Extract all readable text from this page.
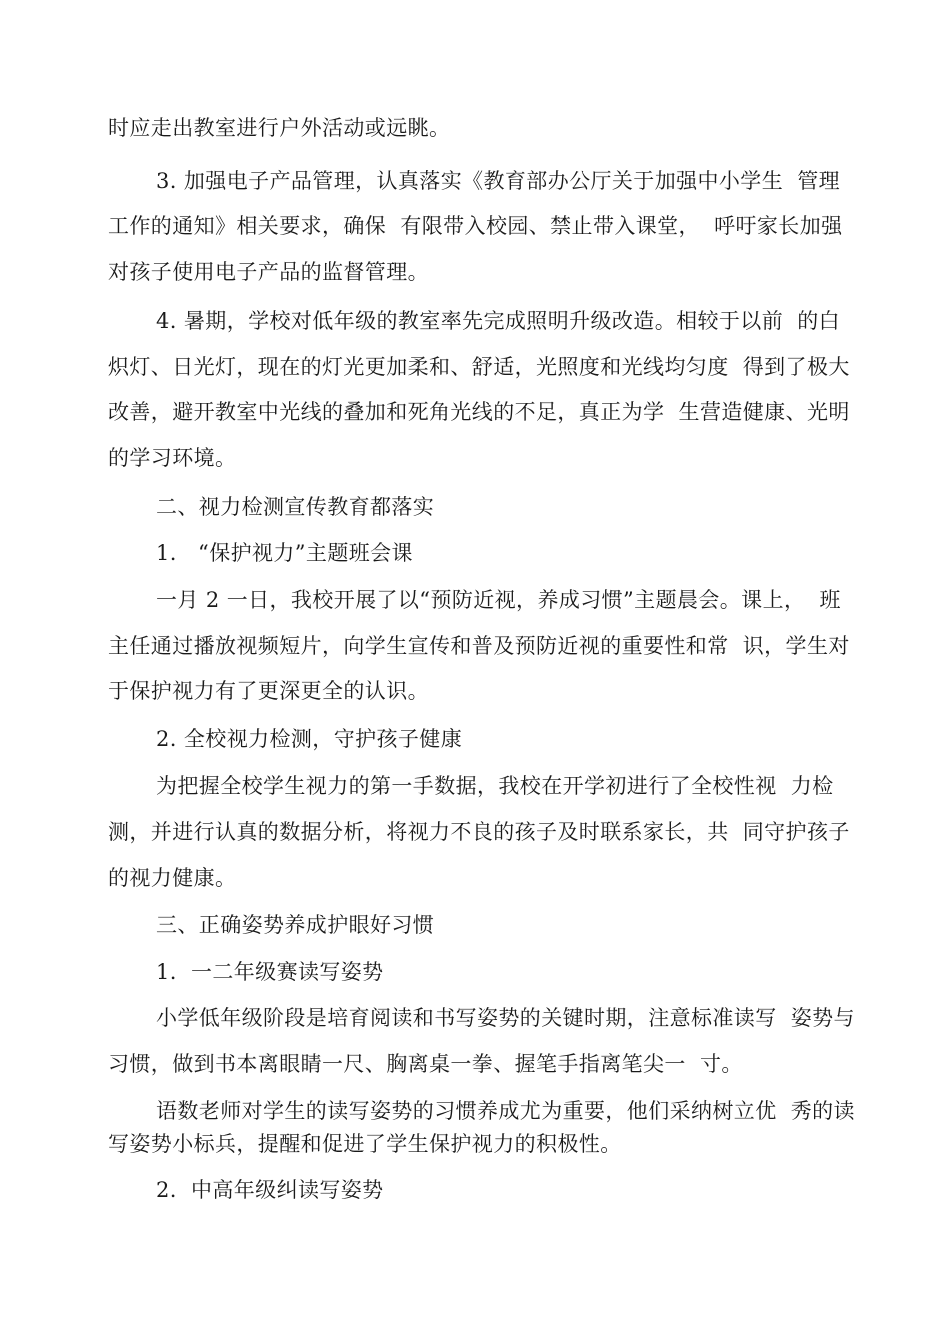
时应走出教室进行户外活动或远眺。
3. 加强电子产品管理，认真落实《教育部办公厅关于加强中小学生  管理
工作的通知》相关要求，确保  有限带入校园、禁止带入课堂，  呼吁家长加强
对孩子使用电子产品的监督管理。
4. 暑期，学校对低年级的教室率先完成照明升级改造。相较于以前  的白
炽灯、日光灯，现在的灯光更加柔和、舒适，光照度和光线均匀度  得到了极大
改善，避开教室中光线的叠加和死角光线的不足，真正为学  生营造健康、光明
的学习环境。
二、视力检测宣传教育都落实
1.   “保护视力”主题班会课
一月 2 一日，我校开展了以“预防近视，养成习惯”主题晨会。课上，  班
主任通过播放视频短片，向学生宣传和普及预防近视的重要性和常  识，学生对
于保护视力有了更深更全的认识。
2. 全校视力检测，守护孩子健康
为把握全校学生视力的第一手数据，我校在开学初进行了全校性视  力检
测，并进行认真的数据分析，将视力不良的孩子及时联系家长，共  同守护孩子
的视力健康。
三、正确姿势养成护眼好习惯
1.  一二年级赛读写姿势
小学低年级阶段是培育阅读和书写姿势的关键时期，注意标准读写  姿势与
习惯，做到书本离眼睛一尺、胸离桌一拳、握笔手指离笔尖一  寸。
语数老师对学生的读写姿势的习惯养成尤为重要，他们采纳树立优  秀的读
写姿势小标兵，提醒和促进了学生保护视力的积极性。
2.  中高年级纠读写姿势
